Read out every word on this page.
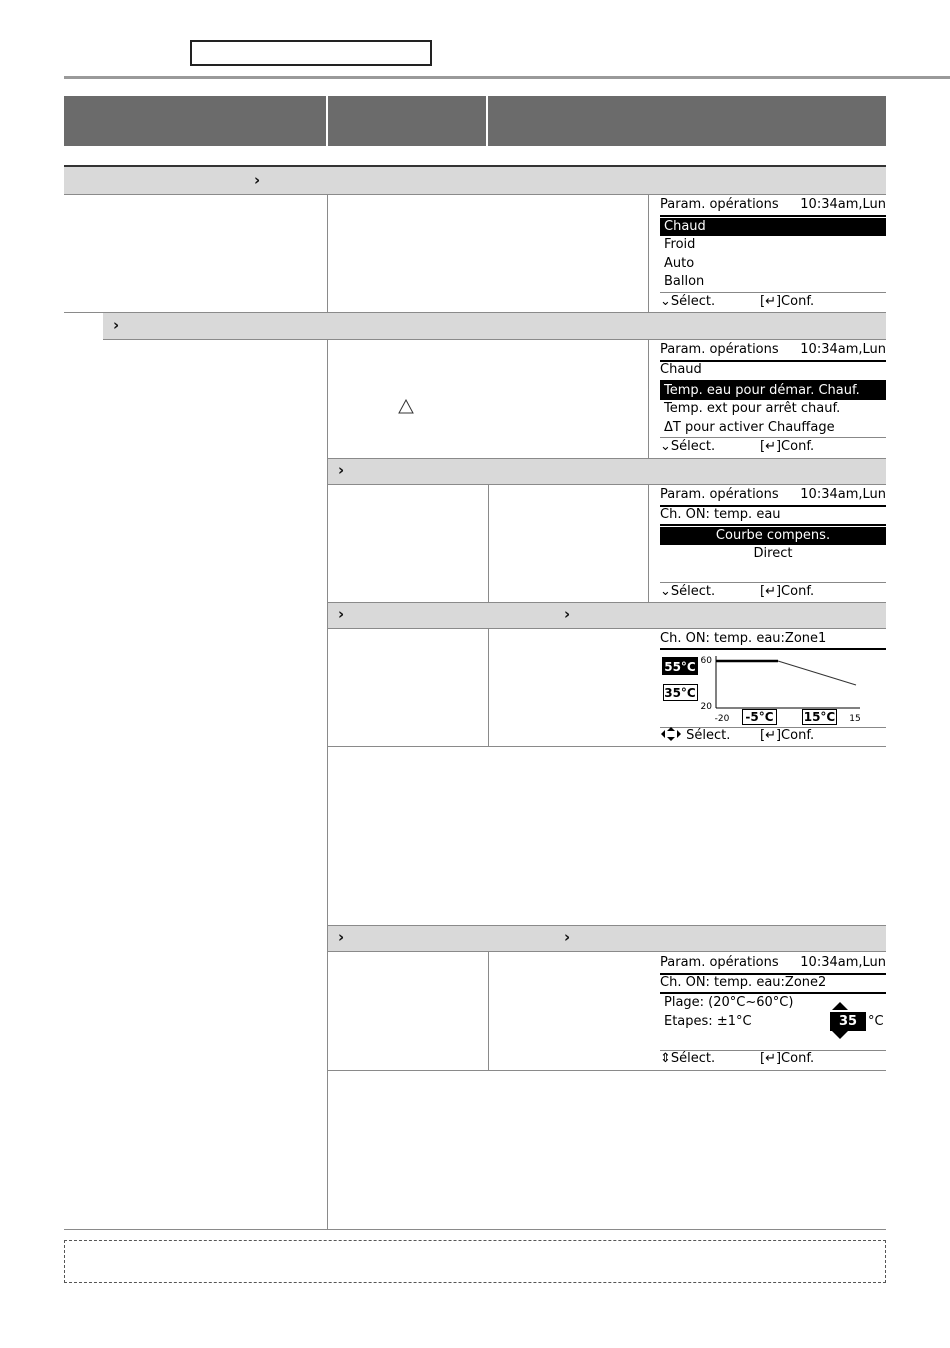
›
Param. opérations 10:34am,Lun
Chaud
Froid
Auto
Ballon
⌄Sélect.	[↵]Conf.
›
Param. opérations 10:34am,Lun
Chaud
Temp. eau pour démar. Chauf.
Temp. ext pour arrêt chauf.
ΔT pour activer Chauffage
⌄Sélect.	[↵]Conf.
›
Param. opérations 10:34am,Lun
Ch. ON: temp. eau
Courbe compens.
Direct
⌄Sélect.	[↵]Conf.
›	›
Ch. ON: temp. eau:Zone1
55°C
35°C
60
20
-20 -5°C	15°C 15
Sélect. [↵]Conf.
›	›
Param. opérations 10:34am,Lun
Ch. ON: temp. eau:Zone2
Plage: (20°C~60°C)
Etapes: ±1°C	35 °C
⇕Sélect.	[↵]Conf.
